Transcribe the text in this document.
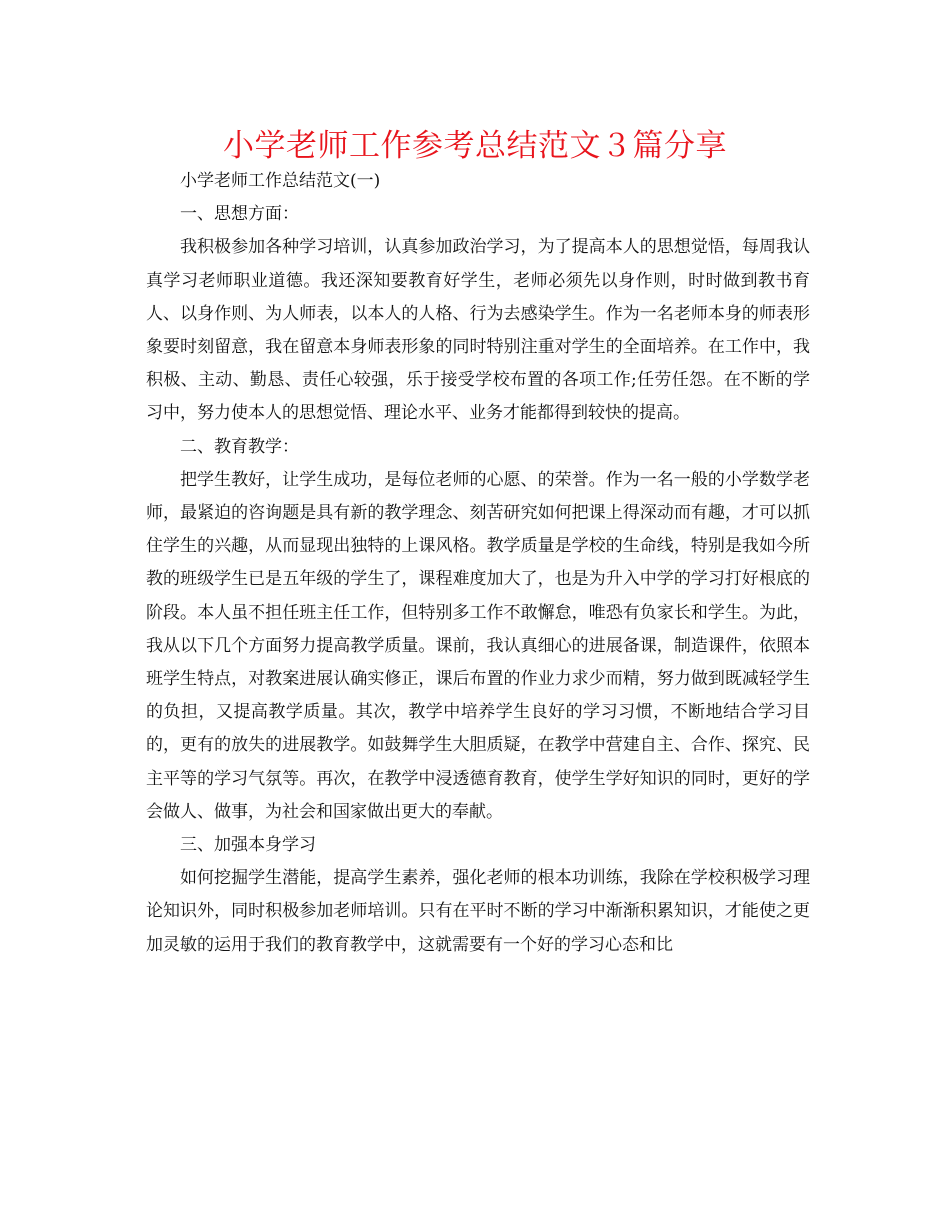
小学老师工作参考总结范文３篇分享

小学老师工作总结范文(一)

一、思想方面：

我积极参加各种学习培训，认真参加政治学习，为了提高本人的思想觉悟，每周我认真学习老师职业道德。我还深知要教育好学生，老师必须先以身作则，时时做到教书育人、以身作则、为人师表，以本人的人格、行为去感染学生。作为一名老师本身的师表形象要时刻留意，我在留意本身师表形象的同时特别注重对学生的全面培养。在工作中，我积极、主动、勤恳、责任心较强，乐于接受学校布置的各项工作;任劳任怨。在不断的学习中，努力使本人的思想觉悟、理论水平、业务才能都得到较快的提高。

二、教育教学：

把学生教好，让学生成功，是每位老师的心愿、的荣誉。作为一名一般的小学数学老师，最紧迫的咨询题是具有新的教学理念、刻苦研究如何把课上得深动而有趣，才可以抓住学生的兴趣，从而显现出独特的上课风格。教学质量是学校的生命线，特别是我如今所教的班级学生已是五年级的学生了，课程难度加大了，也是为升入中学的学习打好根底的阶段。本人虽不担任班主任工作，但特别多工作不敢懈怠，唯恐有负家长和学生。为此，我从以下几个方面努力提高教学质量。课前，我认真细心的进展备课，制造课件，依照本班学生特点，对教案进展认确实修正，课后布置的作业力求少而精，努力做到既减轻学生的负担，又提高教学质量。其次，教学中培养学生良好的学习习惯，不断地结合学习目的，更有的放失的进展教学。如鼓舞学生大胆质疑，在教学中营建自主、合作、探究、民主平等的学习气氛等。再次，在教学中浸透德育教育，使学生学好知识的同时，更好的学会做人、做事，为社会和国家做出更大的奉献。

三、加强本身学习

如何挖掘学生潜能，提高学生素养，强化老师的根本功训练，我除在学校积极学习理论知识外，同时积极参加老师培训。只有在平时不断的学习中渐渐积累知识，才能使之更加灵敏的运用于我们的教育教学中，这就需要有一个好的学习心态和比
